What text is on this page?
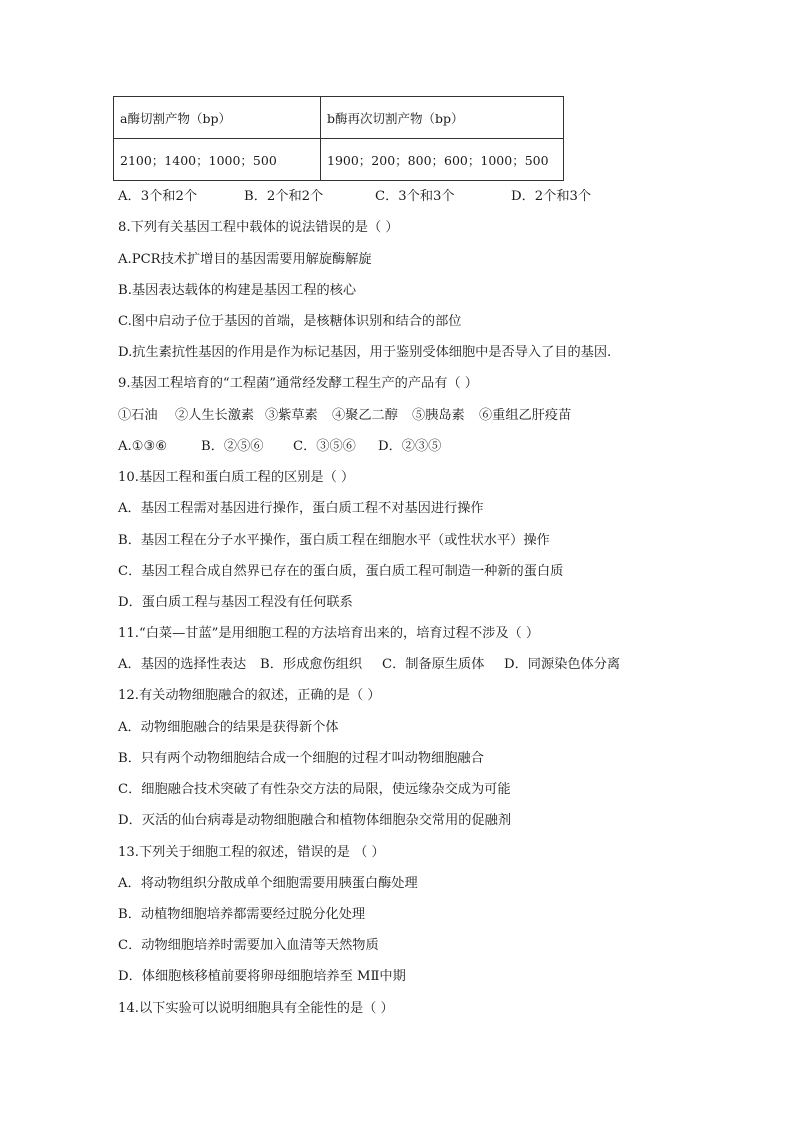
a酶切割产物（bp）	b酶再次切割产物（bp）
2100；1400；1000；500	1900；200；800；600；1000；500
A．3个和2个	B．2个和2个	C．3个和3个	D．2个和3个
8.下列有关基因工程中载体的说法错误的是（ ）
A.PCR技术扩增目的基因需要用解旋酶解旋
B.基因表达载体的构建是基因工程的核心
C.图中启动子位于基因的首端，是核糖体识别和结合的部位
D.抗生素抗性基因的作用是作为标记基因，用于鉴别受体细胞中是否导入了目的基因.
9.基因工程培育的“工程菌”通常经发酵工程生产的产品有（ ）
①石油	②人生长激素 ③紫草素	④聚乙二醇	⑤胰岛素	⑥重组乙肝疫苗
A.①③⑥	B．②⑤⑥	C．③⑤⑥	D．②③⑤
10.基因工程和蛋白质工程的区别是（ ）
A．基因工程需对基因进行操作，蛋白质工程不对基因进行操作
B．基因工程在分子水平操作，蛋白质工程在细胞水平（或性状水平）操作
C．基因工程合成自然界已存在的蛋白质，蛋白质工程可制造一种新的蛋白质
D．蛋白质工程与基因工程没有任何联系
11.“白菜—甘蓝”是用细胞工程的方法培育出来的，培育过程不涉及（ ）
A．基因的选择性表达	B．形成愈伤组织	C．制备原生质体	D．同源染色体分离
12.有关动物细胞融合的叙述，正确的是（ ）
A．动物细胞融合的结果是获得新个体
B．只有两个动物细胞结合成一个细胞的过程才叫动物细胞融合
C．细胞融合技术突破了有性杂交方法的局限，使远缘杂交成为可能
D．灭活的仙台病毒是动物细胞融合和植物体细胞杂交常用的促融剂
13.下列关于细胞工程的叙述，错误的是 （ ）
A．将动物组织分散成单个细胞需要用胰蛋白酶处理
B．动植物细胞培养都需要经过脱分化处理
C．动物细胞培养时需要加入血清等天然物质
D．体细胞核移植前要将卵母细胞培养至 MⅡ中期
14.以下实验可以说明细胞具有全能性的是（ ）
